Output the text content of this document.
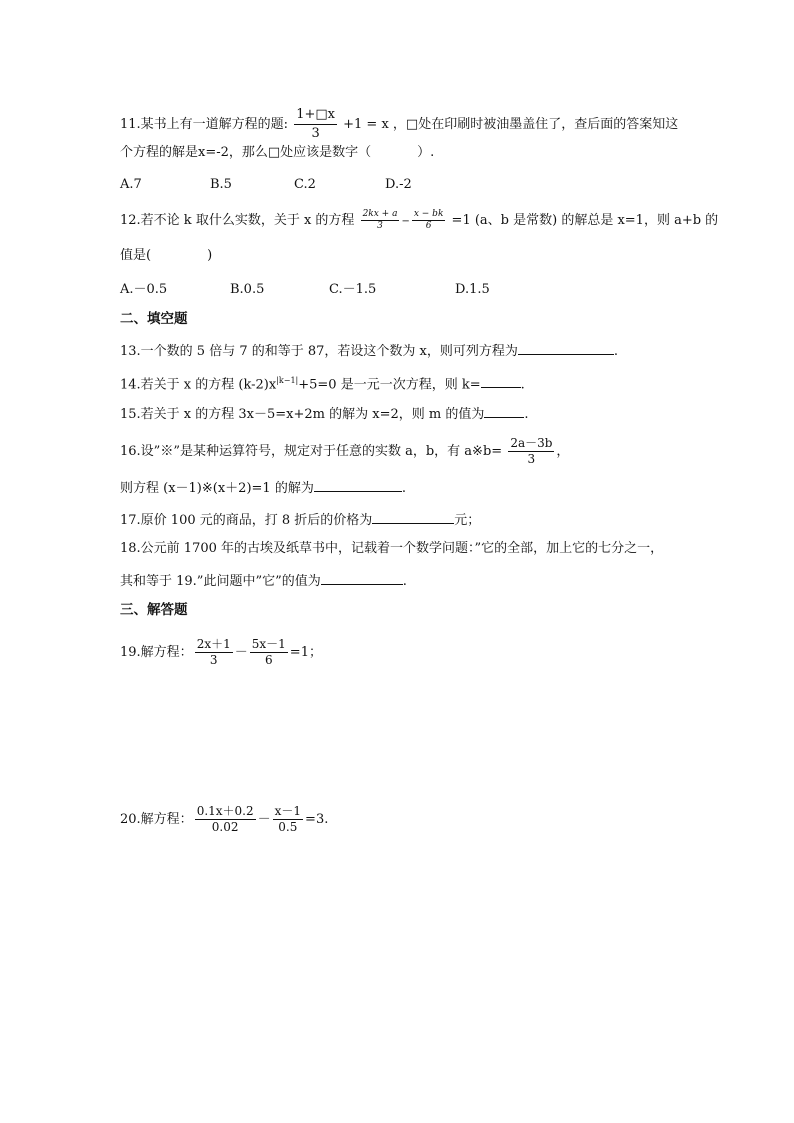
11.某书上有一道解方程的题: $\frac{1+□x}{3} +1 = x$ ，□处在印刷时被油墨盖住了，查后面的答案知这
个方程的解是x=-2，那么□处应该是数字（	）.
A.7	B.5	C.2	D.-2
12.若不论 k 取什么实数，关于 x 的方程 $\frac{2kx + a}{3} - \frac{x - bk}{6} =1$ (a、b 是常数) 的解总是 x=1，则 a+b 的
值是(	)
A.－0.5	B.0.5	C.－1.5	D.1.5
二、填空题
13.一个数的 5 倍与 7 的和等于 87，若设这个数为 x，则可列方程为	.
14.若关于 x 的方程 $(k-2)x^{|k-1|}+5=0$ 是一元一次方程，则 k=	.
15.若关于 x 的方程 3x－5=x+2m 的解为 x=2，则 m 的值为	.
16.设”※”是某种运算符号，规定对于任意的实数 a，b，有 a※b= $\frac{2a-3b}{3}$ ，
则方程 (x－1)※(x＋2)=1 的解为	.
17.原价 100 元的商品，打 8 折后的价格为	元；
18.公元前 1700 年的古埃及纸草书中，记载着一个数学问题：”它的全部，加上它的七分之一，
其和等于 19.”此问题中”它”的值为	.
三、解答题
19.解方程： $\frac{2x+1}{3} - \frac{5x-1}{6} =1$；
20.解方程： $\frac{0.1x+0.2}{0.02} - \frac{x-1}{0.5} =3$.
